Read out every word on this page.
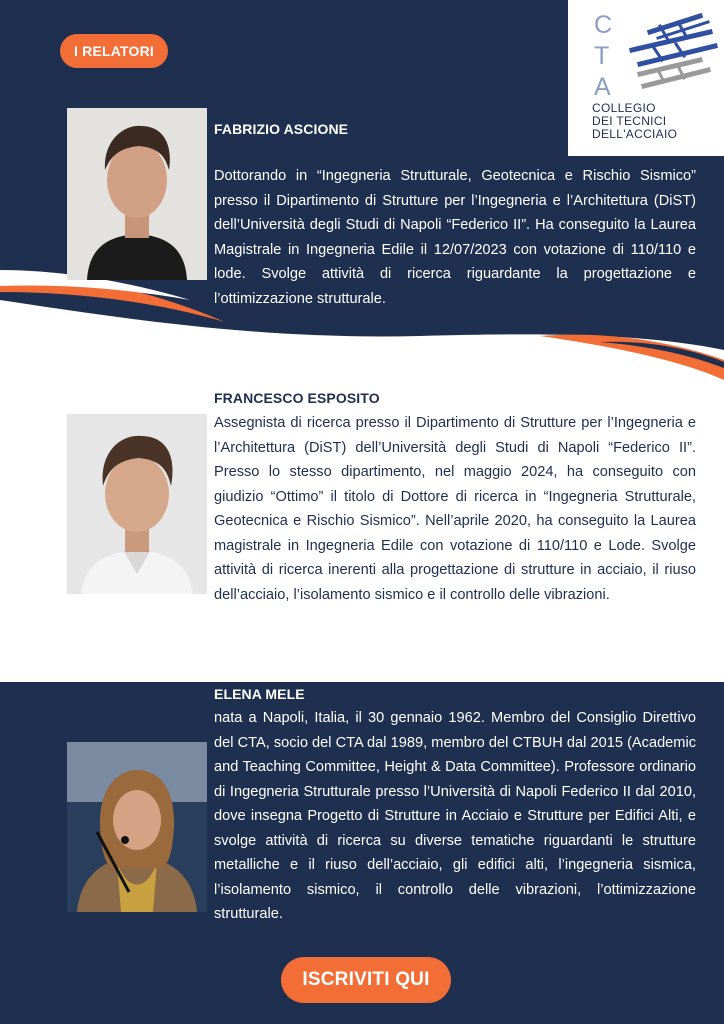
I RELATORI
C
T
A
COLLEGIO
DEI TECNICI
DELL'ACCIAIO
FABRIZIO ASCIONE
Dottorando in “Ingegneria Strutturale, Geotecnica e Rischio Sismico” presso il Dipartimento di Strutture per l’Ingegneria e l’Architettura (DiST) dell’Università degli Studi di Napoli “Federico II”. Ha conseguito la Laurea Magistrale in Ingegneria Edile il 12/07/2023 con votazione di 110/110 e lode. Svolge attività di ricerca riguardante la progettazione e l’ottimizzazione strutturale.
FRANCESCO ESPOSITO
Assegnista di ricerca presso il Dipartimento di Strutture per l’Ingegneria e l’Architettura (DiST) dell’Università degli Studi di Napoli “Federico II”. Presso lo stesso dipartimento, nel maggio 2024, ha conseguito con giudizio “Ottimo” il titolo di Dottore di ricerca in “Ingegneria Strutturale, Geotecnica e Rischio Sismico”. Nell’aprile 2020, ha conseguito la Laurea magistrale in Ingegneria Edile con votazione di 110/110 e Lode. Svolge attività di ricerca inerenti alla progettazione di strutture in acciaio, il riuso dell’acciaio, l’isolamento sismico e il controllo delle vibrazioni.
ELENA MELE
nata a Napoli, Italia, il 30 gennaio 1962. Membro del Consiglio Direttivo del CTA, socio del CTA dal 1989, membro del CTBUH dal 2015 (Academic and Teaching Committee, Height & Data Committee). Professore ordinario di Ingegneria Strutturale presso l’Università di Napoli Federico II dal 2010, dove insegna Progetto di Strutture in Acciaio e Strutture per Edifici Alti, e svolge attività di ricerca su diverse tematiche riguardanti le strutture metalliche e il riuso dell’acciaio, gli edifici alti, l’ingegneria sismica, l’isolamento sismico, il controllo delle vibrazioni, l’ottimizzazione strutturale.
ISCRIVITI QUI
